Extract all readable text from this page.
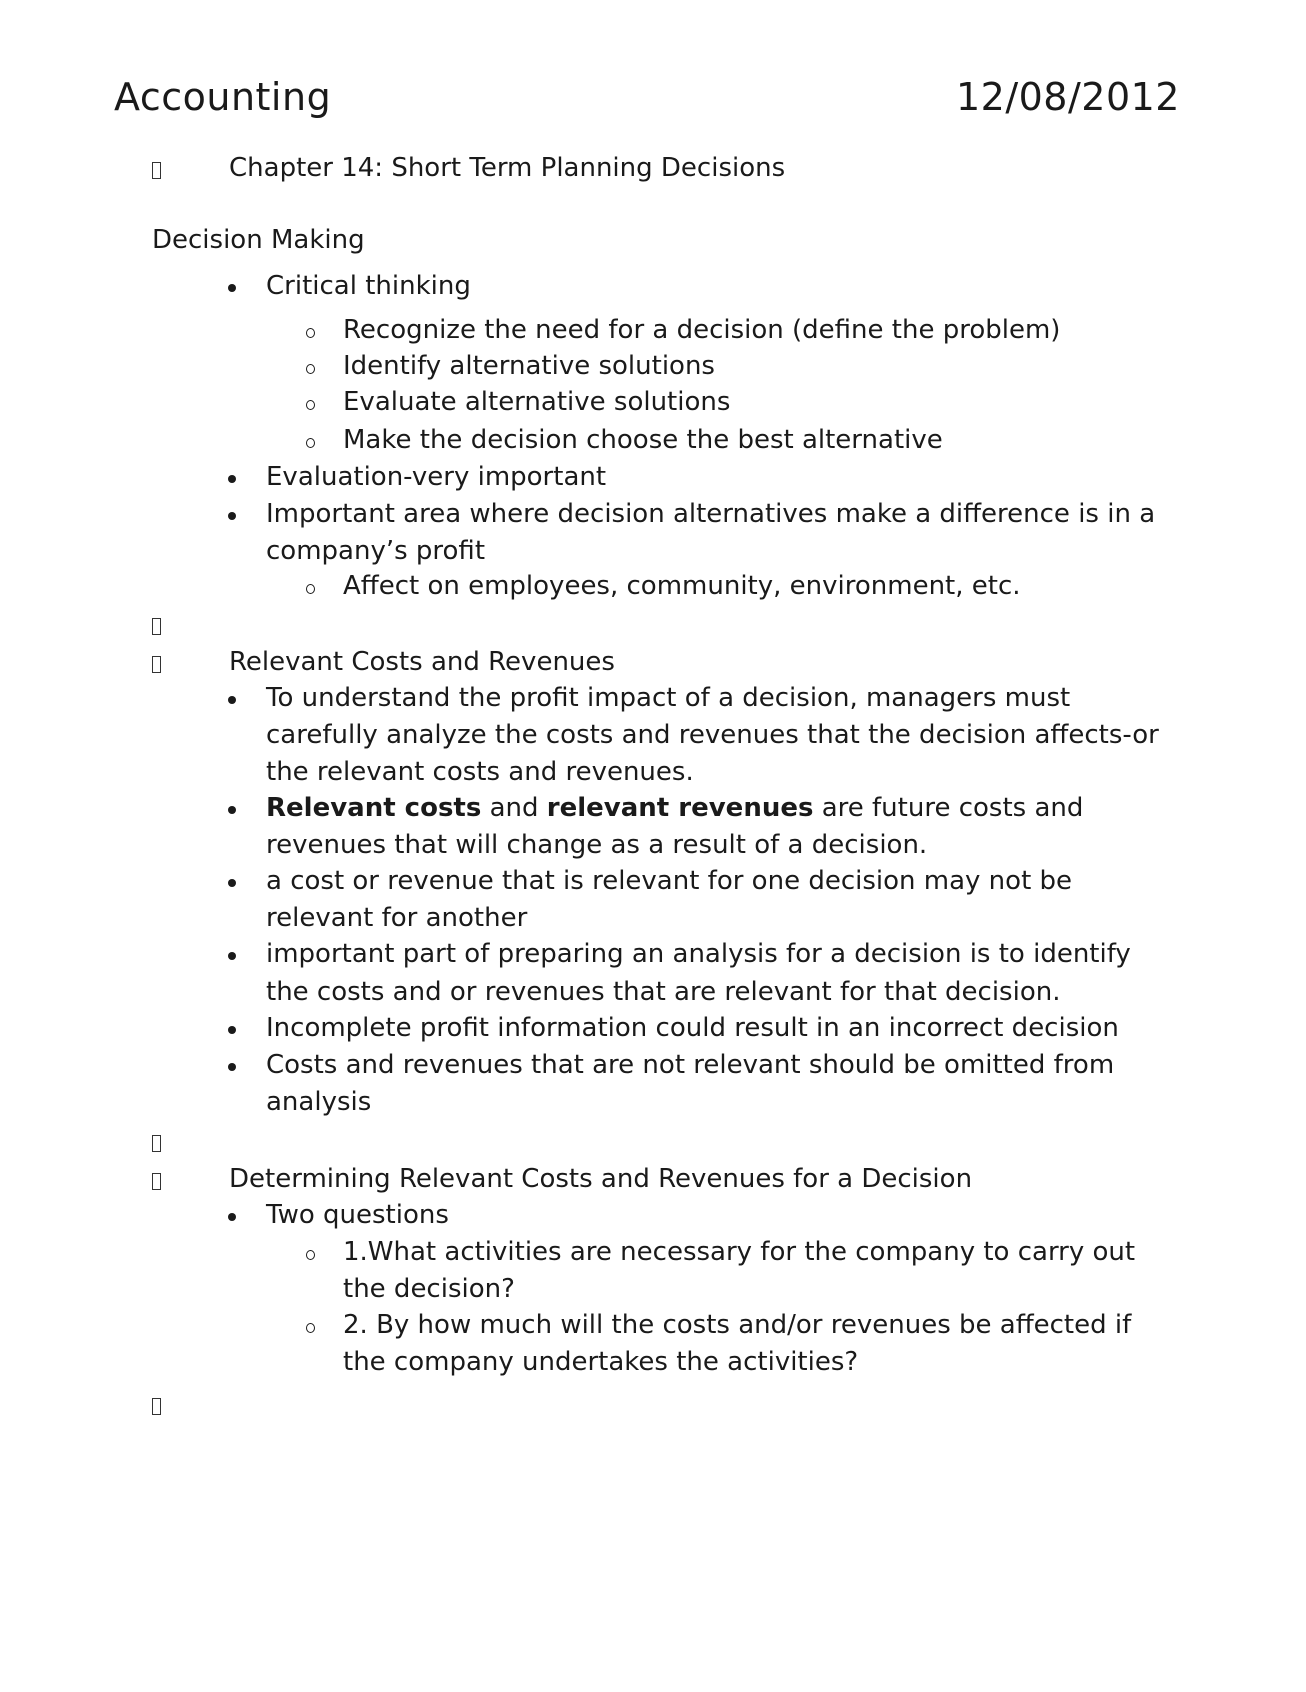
Accounting	12/08/2012
Chapter 14: Short Term Planning Decisions
Decision Making
Critical thinking
Recognize the need for a decision (define the problem)
Identify alternative solutions
Evaluate alternative solutions
Make the decision choose the best alternative
Evaluation-very important
Important area where decision alternatives make a difference is in a
company’s profit
Affect on employees, community, environment, etc.
Relevant Costs and Revenues
To understand the profit impact of a decision, managers must
carefully analyze the costs and revenues that the decision affects-or
the relevant costs and revenues.
Relevant costs and relevant revenues are future costs and
revenues that will change as a result of a decision.
a cost or revenue that is relevant for one decision may not be
relevant for another
important part of preparing an analysis for a decision is to identify
the costs and or revenues that are relevant for that decision.
Incomplete profit information could result in an incorrect decision
Costs and revenues that are not relevant should be omitted from
analysis
Determining Relevant Costs and Revenues for a Decision
Two questions
1.What activities are necessary for the company to carry out
the decision?
2. By how much will the costs and/or revenues be affected if
the company undertakes the activities?
